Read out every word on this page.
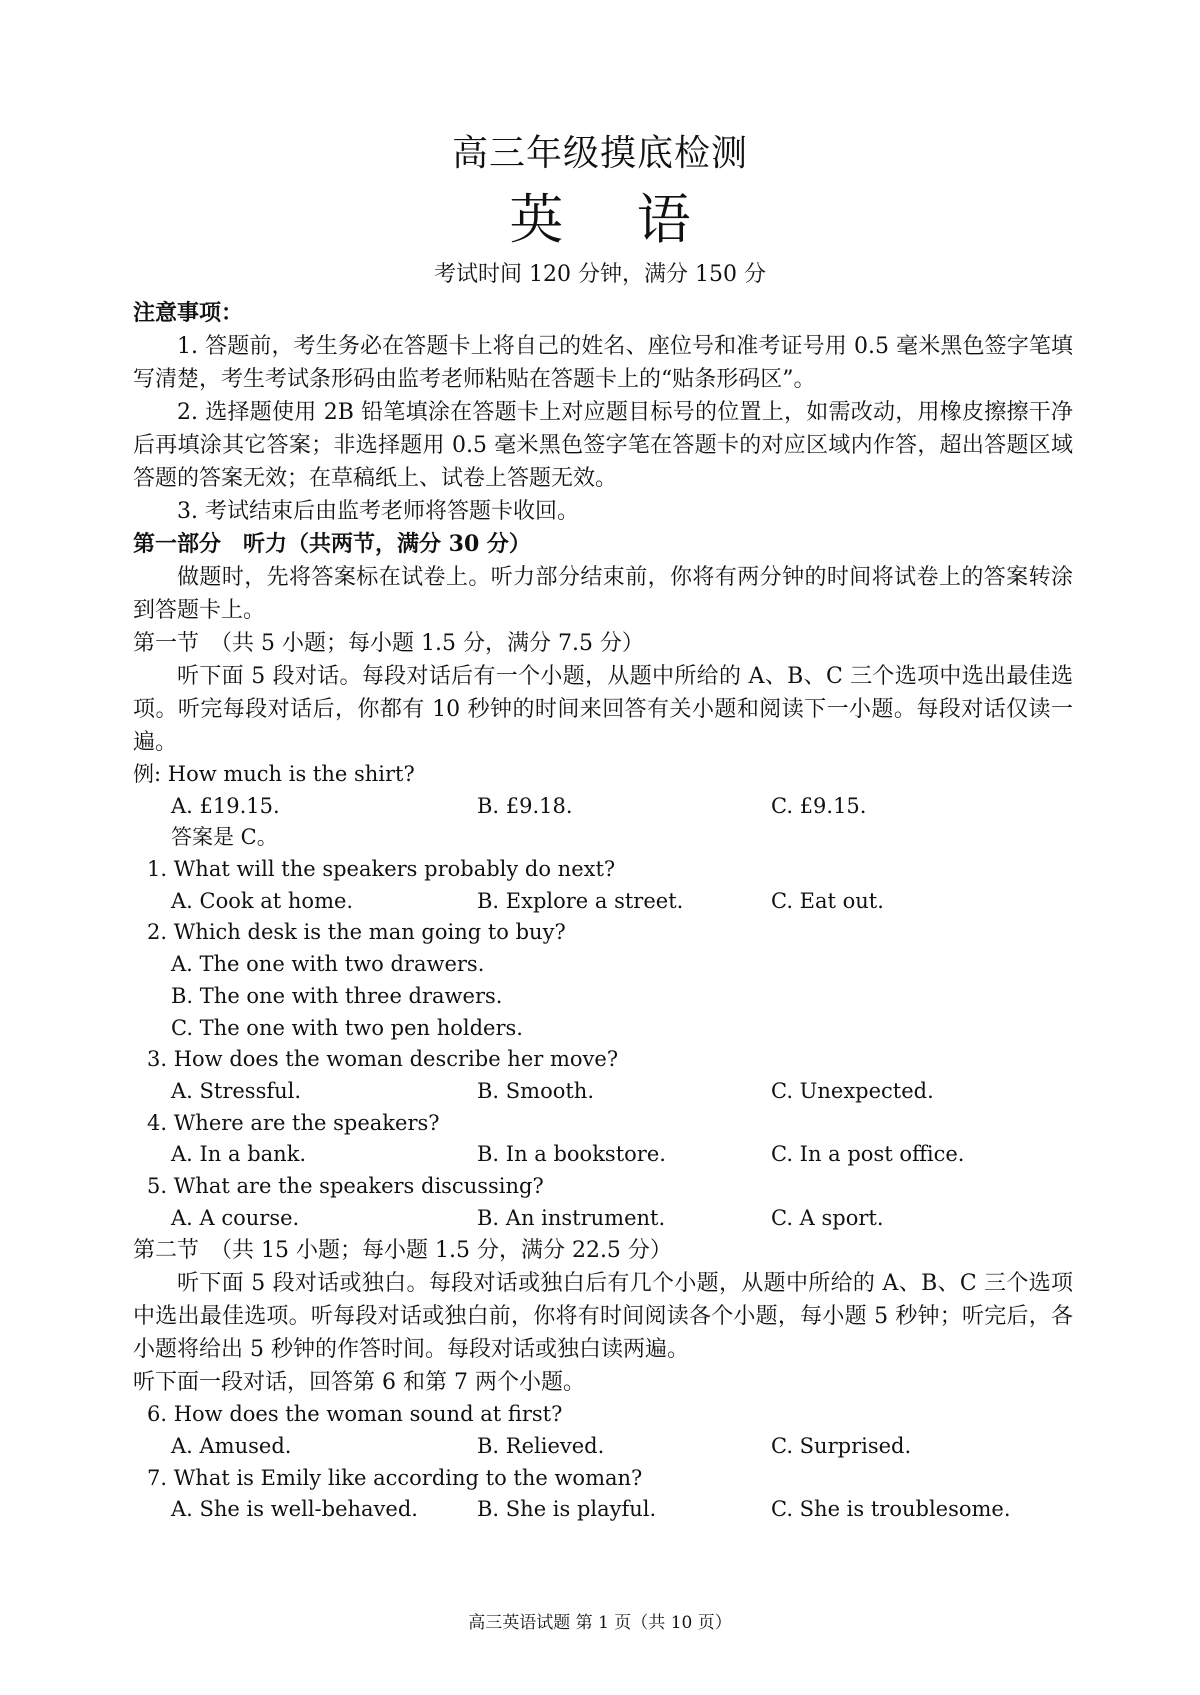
高三年级摸底检测
英 语
考试时间 120 分钟，满分 150 分
注意事项：

1. 答题前，考生务必在答题卡上将自己的姓名、座位号和准考证号用 0.5 毫米黑色签字笔填写清楚，考生考试条形码由监考老师粘贴在答题卡上的“贴条形码区”。

2. 选择题使用 2B 铅笔填涂在答题卡上对应题目标号的位置上，如需改动，用橡皮擦擦干净后再填涂其它答案；非选择题用 0.5 毫米黑色签字笔在答题卡的对应区域内作答，超出答题区域答题的答案无效；在草稿纸上、试卷上答题无效。

3. 考试结束后由监考老师将答题卡收回。

第一部分　听力（共两节，满分 30 分）

做题时，先将答案标在试卷上。听力部分结束前，你将有两分钟的时间将试卷上的答案转涂到答题卡上。

第一节　（共 5 小题；每小题 1.5 分，满分 7.5 分）

听下面 5 段对话。每段对话后有一个小题，从题中所给的 A、B、C 三个选项中选出最佳选项。听完每段对话后，你都有 10 秒钟的时间来回答有关小题和阅读下一小题。每段对话仅读一遍。

例: How much is the shirt?
A. £19.15.	B. £9.18.	C. £9.15.
答案是 C。
1. What will the speakers probably do next?
A. Cook at home.	B. Explore a street.	C. Eat out.
2. Which desk is the man going to buy?
A. The one with two drawers.
B. The one with three drawers.
C. The one with two pen holders.
3. How does the woman describe her move?
A. Stressful.	B. Smooth.	C. Unexpected.
4. Where are the speakers?
A. In a bank.	B. In a bookstore.	C. In a post office.
5. What are the speakers discussing?
A. A course.	B. An instrument.	C. A sport.
第二节　（共 15 小题；每小题 1.5 分，满分 22.5 分）

听下面 5 段对话或独白。每段对话或独白后有几个小题，从题中所给的 A、B、C 三个选项中选出最佳选项。听每段对话或独白前，你将有时间阅读各个小题，每小题 5 秒钟；听完后，各小题将给出 5 秒钟的作答时间。每段对话或独白读两遍。

听下面一段对话，回答第 6 和第 7 两个小题。
6. How does the woman sound at first?
A. Amused.	B. Relieved.	C. Surprised.
7. What is Emily like according to the woman?
A. She is well-behaved.	B. She is playful.	C. She is troublesome.
高三英语试题 第 1 页（共 10 页）
